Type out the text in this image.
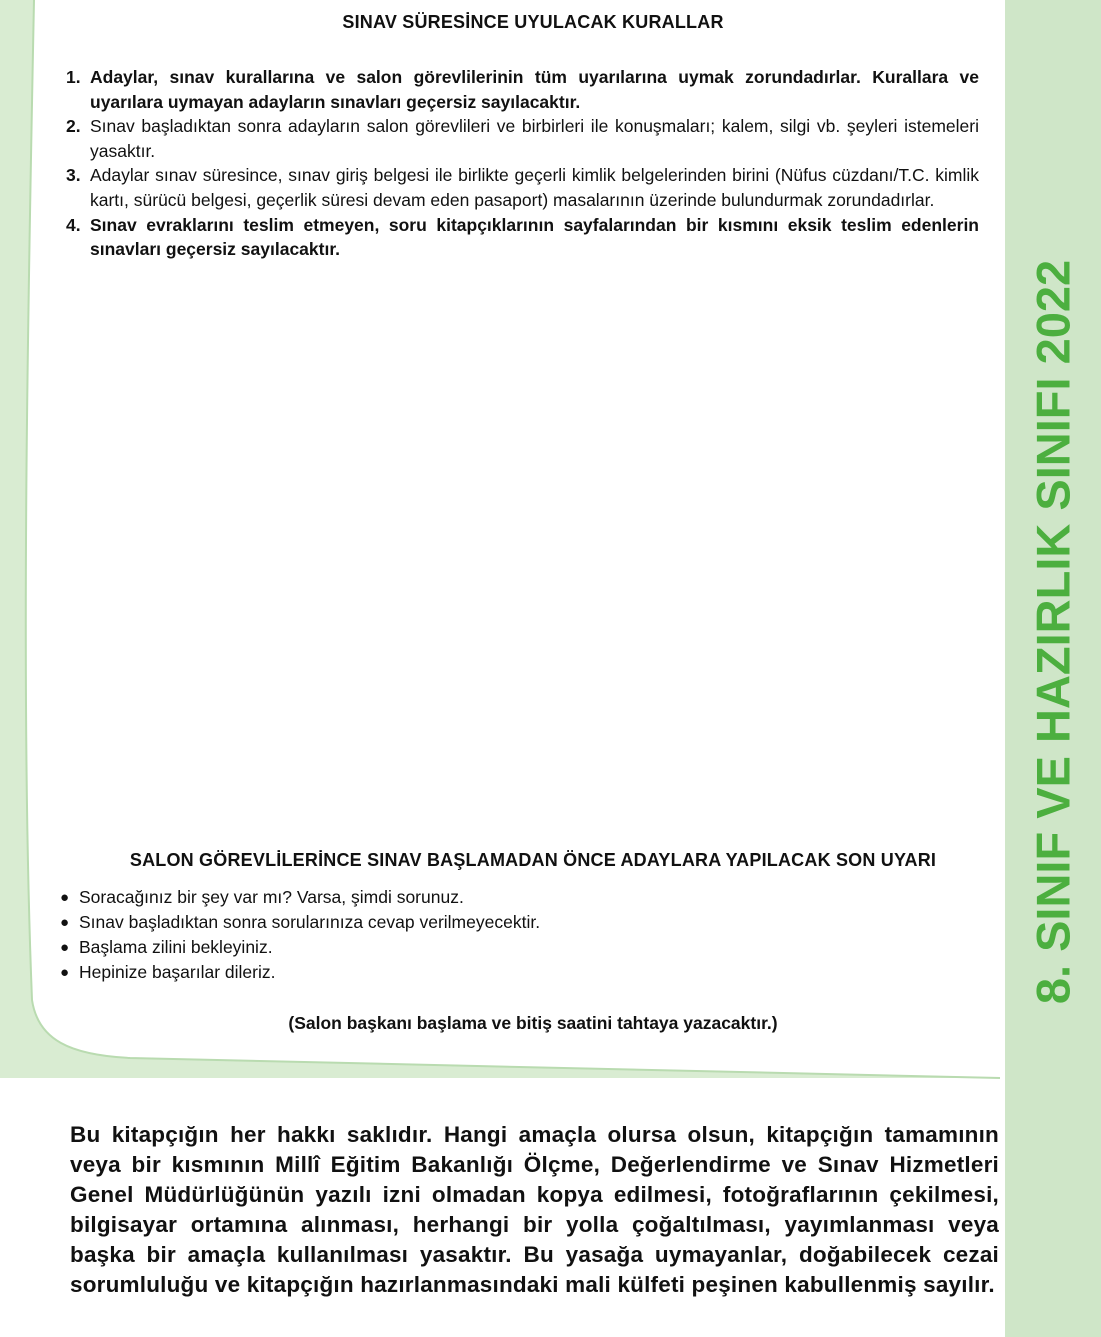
8. SINIF VE HAZIRLIK SINIFI 2022
SINAV SÜRESİNCE UYULACAK KURALLAR
1. Adaylar, sınav kurallarına ve salon görevlilerinin tüm uyarılarına uymak zorundadırlar. Kurallara ve uyarılara uymayan adayların sınavları geçersiz sayılacaktır.
2. Sınav başladıktan sonra adayların salon görevlileri ve birbirleri ile konuşmaları; kalem, silgi vb. şeyleri istemeleri yasaktır.
3. Adaylar sınav süresince, sınav giriş belgesi ile birlikte geçerli kimlik belgelerinden birini (Nüfus cüzdanı/T.C. kimlik kartı, sürücü belgesi, geçerlik süresi devam eden pasaport) masalarının üzerinde bulundurmak zorundadırlar.
4. Sınav evraklarını teslim etmeyen, soru kitapçıklarının sayfalarından bir kısmını eksik teslim edenlerin sınavları geçersiz sayılacaktır.
SALON GÖREVLİLERİNCE SINAV BAŞLAMADAN ÖNCE ADAYLARA YAPILACAK SON UYARI
● Soracağınız bir şey var mı? Varsa, şimdi sorunuz.
● Sınav başladıktan sonra sorularınıza cevap verilmeyecektir.
● Başlama zilini bekleyiniz.
● Hepinize başarılar dileriz.
(Salon başkanı başlama ve bitiş saatini tahtaya yazacaktır.)
Bu kitapçığın her hakkı saklıdır. Hangi amaçla olursa olsun, kitapçığın tamamının veya bir kısmının Millî Eğitim Bakanlığı Ölçme, Değerlendirme ve Sınav Hizmetleri Genel Müdürlüğünün yazılı izni olmadan kopya edilmesi, fotoğraflarının çekilmesi, bilgisayar ortamına alınması, herhangi bir yolla çoğaltılması, yayımlanması veya başka bir amaçla kullanılması yasaktır. Bu yasağa uymayanlar, doğabilecek cezai sorumluluğu ve kitapçığın hazırlanmasındaki mali külfeti peşinen kabullenmiş sayılır.
